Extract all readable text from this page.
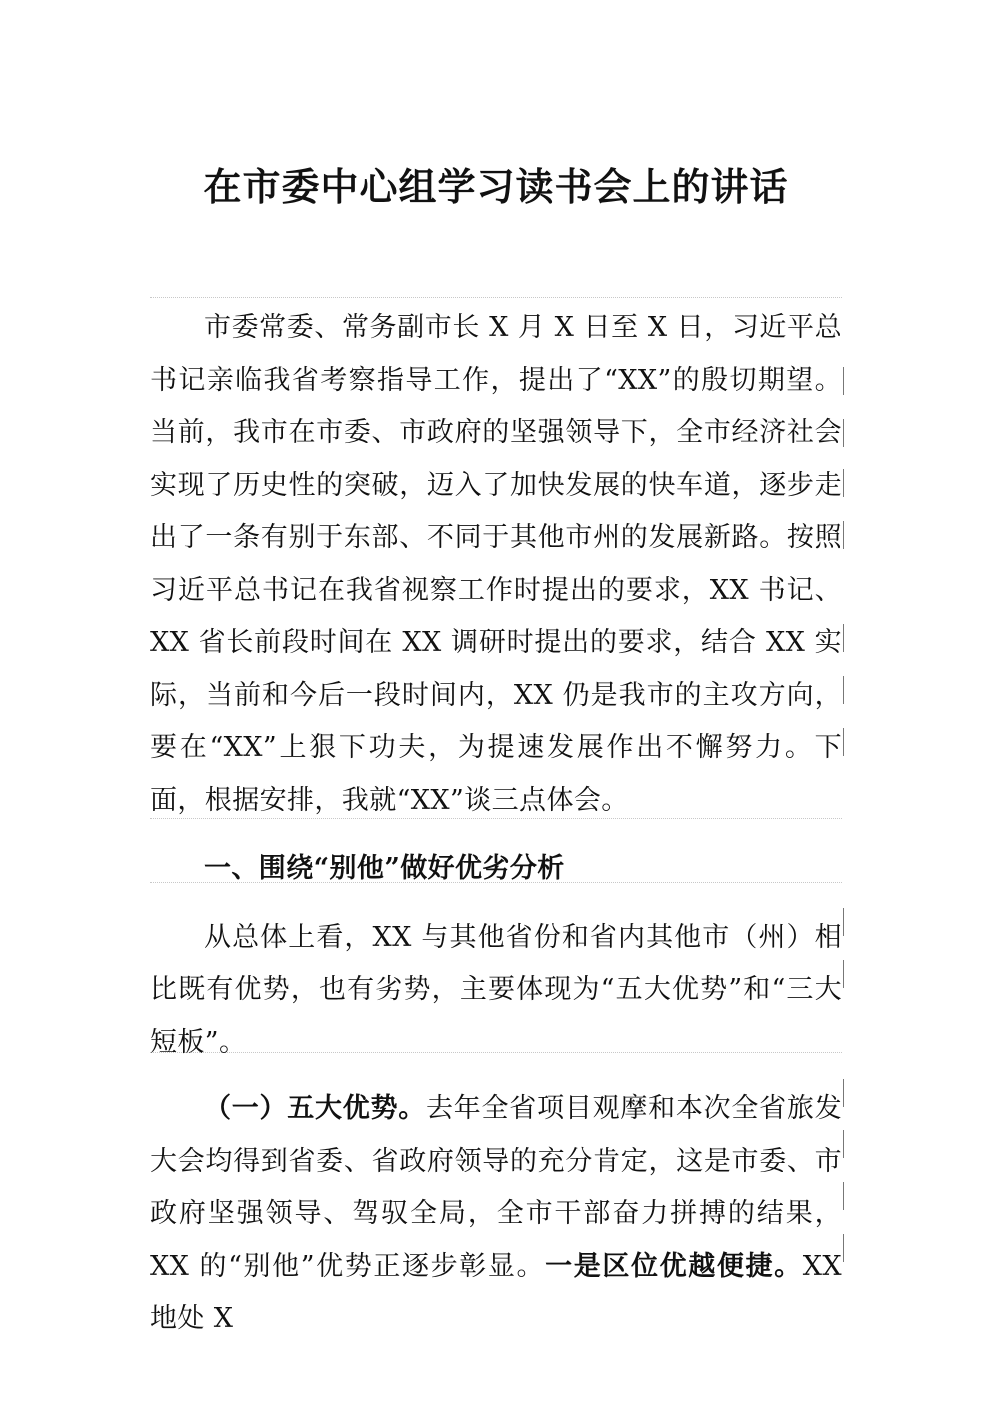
在市委中心组学习读书会上的讲话

市委常委、常务副市长 X 月 X 日至 X 日，习近平总书记亲临我省考察指导工作，提出了“XX”的殷切期望。当前，我市在市委、市政府的坚强领导下，全市经济社会实现了历史性的突破，迈入了加快发展的快车道，逐步走出了一条有别于东部、不同于其他市州的发展新路。按照习近平总书记在我省视察工作时提出的要求，XX 书记、XX 省长前段时间在 XX 调研时提出的要求，结合 XX 实际，当前和今后一段时间内，XX 仍是我市的主攻方向，要在“XX”上狠下功夫，为提速发展作出不懈努力。下面，根据安排，我就“XX”谈三点体会。

一、围绕“别他”做好优劣分析

从总体上看，XX 与其他省份和省内其他市（州）相比既有优势，也有劣势，主要体现为“五大优势”和“三大短板”。

（一）五大优势。去年全省项目观摩和本次全省旅发大会均得到省委、省政府领导的充分肯定，这是市委、市政府坚强领导、驾驭全局，全市干部奋力拼搏的结果，XX 的“别他”优势正逐步彰显。一是区位优越便捷。XX 地处 X
